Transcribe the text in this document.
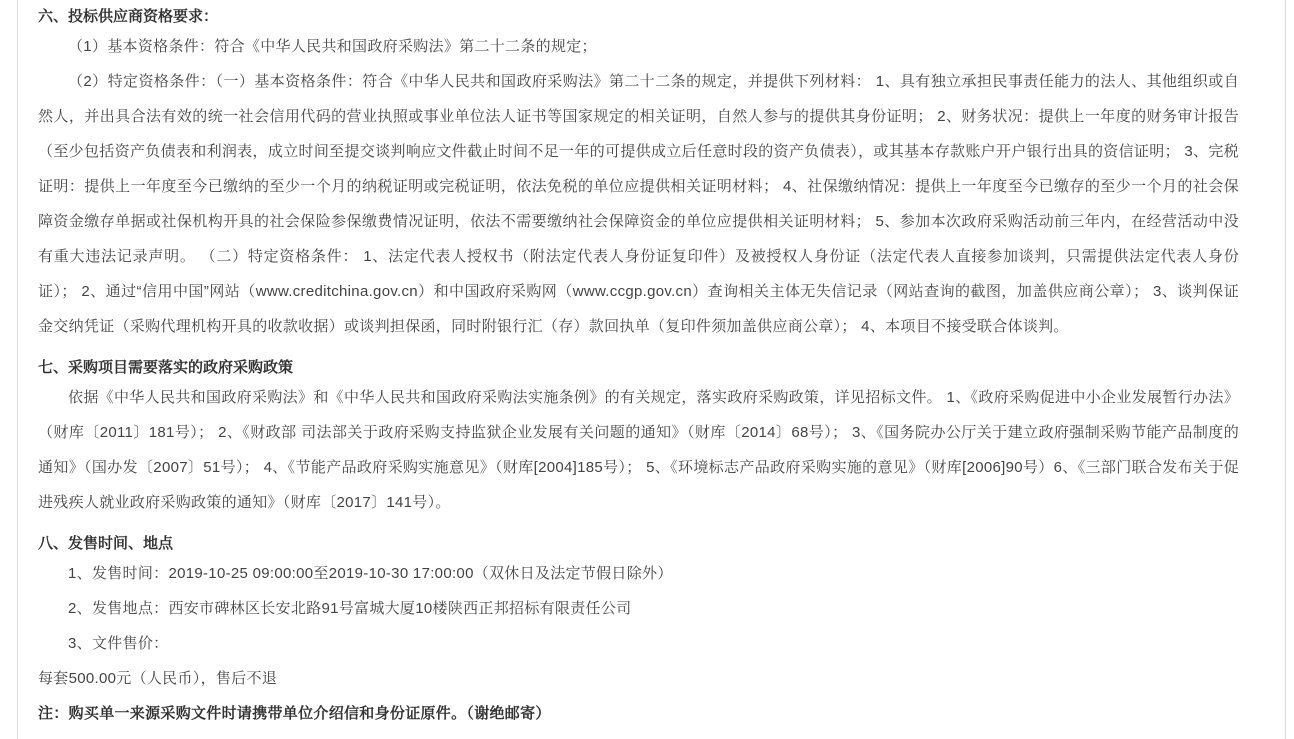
六、投标供应商资格要求：

（1）基本资格条件：符合《中华人民共和国政府采购法》第二十二条的规定；

（2）特定资格条件：（一）基本资格条件：符合《中华人民共和国政府采购法》第二十二条的规定，并提供下列材料： 1、具有独立承担民事责任能力的法人、其他组织或自然人，并出具合法有效的统一社会信用代码的营业执照或事业单位法人证书等国家规定的相关证明，自然人参与的提供其身份证明； 2、财务状况：提供上一年度的财务审计报告（至少包括资产负债表和利润表，成立时间至提交谈判响应文件截止时间不足一年的可提供成立后任意时段的资产负债表），或其基本存款账户开户银行出具的资信证明； 3、完税证明：提供上一年度至今已缴纳的至少一个月的纳税证明或完税证明，依法免税的单位应提供相关证明材料； 4、社保缴纳情况：提供上一年度至今已缴存的至少一个月的社会保障资金缴存单据或社保机构开具的社会保险参保缴费情况证明，依法不需要缴纳社会保障资金的单位应提供相关证明材料； 5、参加本次政府采购活动前三年内，在经营活动中没有重大违法记录声明。 （二）特定资格条件： 1、法定代表人授权书（附法定代表人身份证复印件）及被授权人身份证（法定代表人直接参加谈判，只需提供法定代表人身份证）； 2、通过“信用中国”网站（www.creditchina.gov.cn）和中国政府采购网（www.ccgp.gov.cn）查询相关主体无失信记录（网站查询的截图，加盖供应商公章）； 3、谈判保证金交纳凭证（采购代理机构开具的收款收据）或谈判担保函，同时附银行汇（存）款回执单（复印件须加盖供应商公章）； 4、本项目不接受联合体谈判。

七、采购项目需要落实的政府采购政策

依据《中华人民共和国政府采购法》和《中华人民共和国政府采购法实施条例》的有关规定，落实政府采购政策，详见招标文件。 1、《政府采购促进中小企业发展暂行办法》（财库〔2011〕181号）； 2、《财政部 司法部关于政府采购支持监狱企业发展有关问题的通知》（财库〔2014〕68号）； 3、《国务院办公厅关于建立政府强制采购节能产品制度的通知》（国办发〔2007〕51号）； 4、《节能产品政府采购实施意见》（财库[2004]185号）； 5、《环境标志产品政府采购实施的意见》（财库[2006]90号）6、《三部门联合发布关于促进残疾人就业政府采购政策的通知》（财库〔2017〕141号）。

八、发售时间、地点

1、发售时间：2019-10-25 09:00:00至2019-10-30 17:00:00（双休日及法定节假日除外）

2、发售地点：西安市碑林区长安北路91号富城大厦10楼陕西正邦招标有限责任公司

3、文件售价：

每套500.00元（人民币），售后不退

注：购买单一来源采购文件时请携带单位介绍信和身份证原件。（谢绝邮寄）
